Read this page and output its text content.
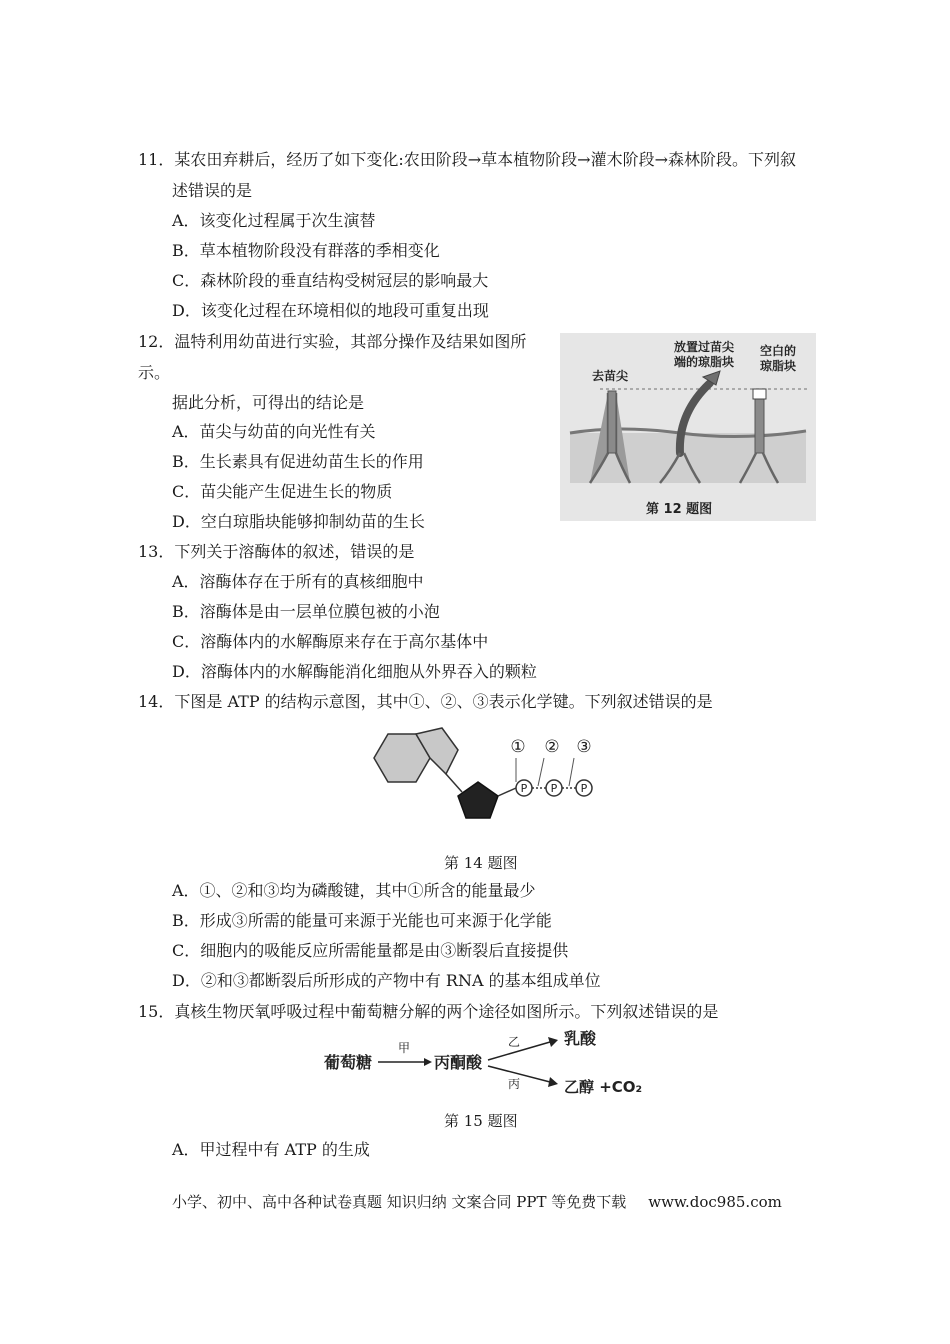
11．某农田弃耕后，经历了如下变化:农田阶段→草本植物阶段→灌木阶段→森林阶段。下列叙
述错误的是
A．该变化过程属于次生演替
B．草本植物阶段没有群落的季相变化
C．森林阶段的垂直结构受树冠层的影响最大
D．该变化过程在环境相似的地段可重复出现
12．温特利用幼苗进行实验，其部分操作及结果如图所
示。
据此分析，可得出的结论是
A．苗尖与幼苗的向光性有关
B．生长素具有促进幼苗生长的作用
C．苗尖能产生促进生长的物质
D．空白琼脂块能够抑制幼苗的生长
去苗尖
放置过苗尖
端的琼脂块
空白的
琼脂块
第 12 题图
13．下列关于溶酶体的叙述，错误的是
A．溶酶体存在于所有的真核细胞中
B．溶酶体是由一层单位膜包被的小泡
C．溶酶体内的水解酶原来存在于高尔基体中
D．溶酶体内的水解酶能消化细胞从外界吞入的颗粒
14．下图是 ATP 的结构示意图，其中①、②、③表示化学键。下列叙述错误的是
P P P
① ② ③
第 14 题图
A．①、②和③均为磷酸键，其中①所含的能量最少
B．形成③所需的能量可来源于光能也可来源于化学能
C．细胞内的吸能反应所需能量都是由③断裂后直接提供
D．②和③都断裂后所形成的产物中有 RNA 的基本组成单位
15．真核生物厌氧呼吸过程中葡萄糖分解的两个途径如图所示。下列叙述错误的是
葡萄糖
甲
丙酮酸
乙
丙
乳酸
乙醇 +CO₂
第 15 题图
A．甲过程中有 ATP 的生成
小学、初中、高中各种试卷真题 知识归纳 文案合同 PPT 等免费下载 www.doc985.com
